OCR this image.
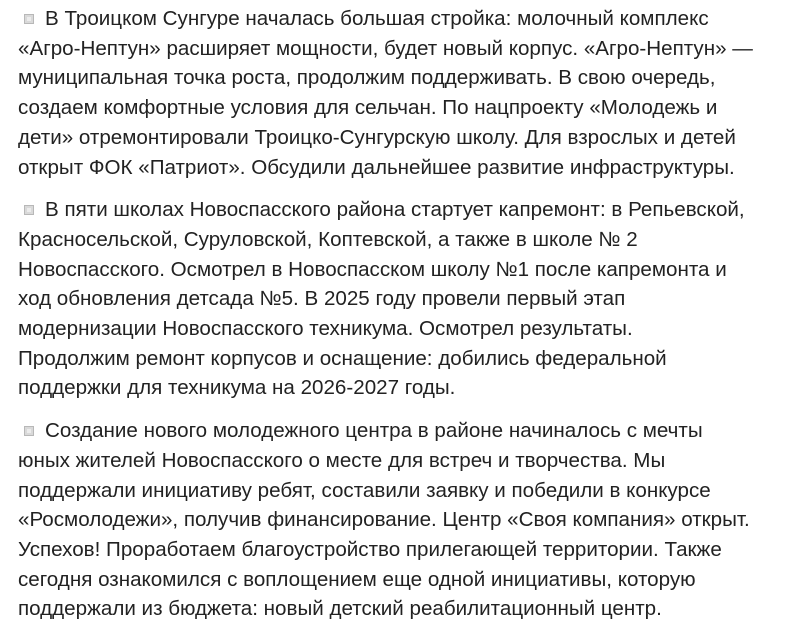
В Троицком Сунгуре началась большая стройка: молочный комплекс
«Агро-Нептун» расширяет мощности, будет новый корпус. «Агро-Нептун» —
муниципальная точка роста, продолжим поддерживать. В свою очередь,
создаем комфортные условия для сельчан. По нацпроекту «Молодежь и
дети» отремонтировали Троицко-Сунгурскую школу. Для взрослых и детей
открыт ФОК «Патриот». Обсудили дальнейшее развитие инфраструктуры.

В пяти школах Новоспасского района стартует капремонт: в Репьевской,
Красносельской, Суруловской, Коптевской, а также в школе № 2
Новоспасского. Осмотрел в Новоспасском школу №1 после капремонта и
ход обновления детсада №5. В 2025 году провели первый этап
модернизации Новоспасского техникума. Осмотрел результаты.
Продолжим ремонт корпусов и оснащение: добились федеральной
поддержки для техникума на 2026-2027 годы.

Создание нового молодежного центра в районе начиналось с мечты
юных жителей Новоспасского о месте для встреч и творчества. Мы
поддержали инициативу ребят, составили заявку и победили в конкурсе
«Росмолодежи», получив финансирование. Центр «Своя компания» открыт.
Успехов! Проработаем благоустройство прилегающей территории. Также
сегодня ознакомился с воплощением еще одной инициативы, которую
поддержали из бюджета: новый детский реабилитационный центр.
